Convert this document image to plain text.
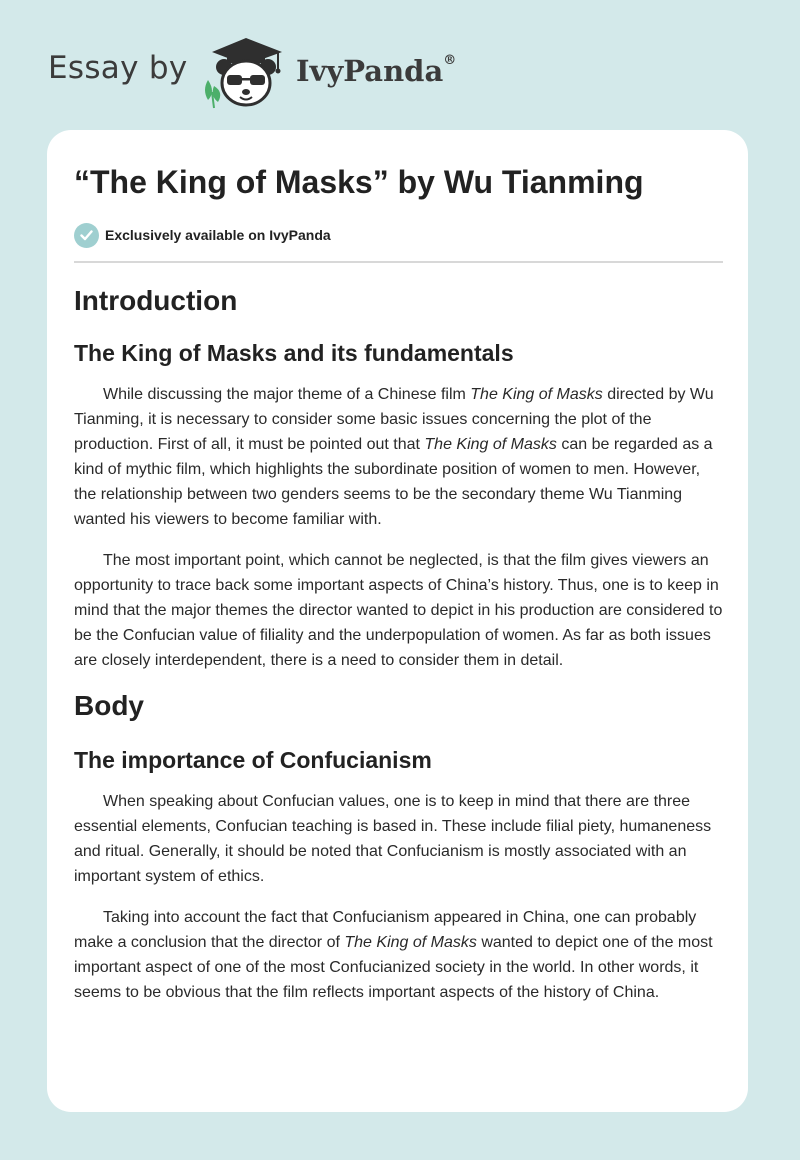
Essay by	IvyPanda®
“The King of Masks” by Wu Tianming
Exclusively available on IvyPanda
Introduction
The King of Masks and its fundamentals

While discussing the major theme of a Chinese film The King of Masks directed by Wu Tianming, it is necessary to consider some basic issues concerning the plot of the production. First of all, it must be pointed out that The King of Masks can be regarded as a kind of mythic film, which highlights the subordinate position of women to men. However, the relationship between two genders seems to be the secondary theme Wu Tianming wanted his viewers to become familiar with.

The most important point, which cannot be neglected, is that the film gives viewers an opportunity to trace back some important aspects of China’s history. Thus, one is to keep in mind that the major themes the director wanted to depict in his production are considered to be the Confucian value of filiality and the underpopulation of women. As far as both issues are closely interdependent, there is a need to consider them in detail.

Body
The importance of Confucianism

When speaking about Confucian values, one is to keep in mind that there are three essential elements, Confucian teaching is based in. These include filial piety, humaneness and ritual. Generally, it should be noted that Confucianism is mostly associated with an important system of ethics.

Taking into account the fact that Confucianism appeared in China, one can probably make a conclusion that the director of The King of Masks wanted to depict one of the most important aspect of one of the most Confucianized society in the world. In other words, it seems to be obvious that the film reflects important aspects of the history of China.
